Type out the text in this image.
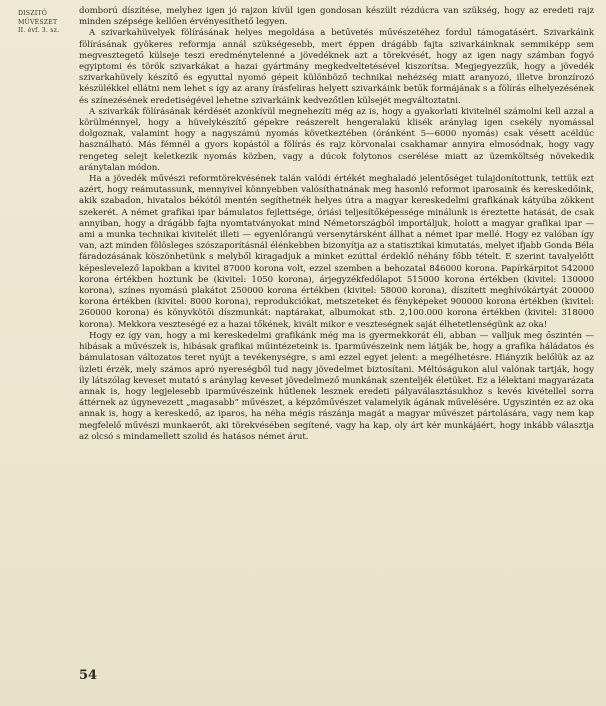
DISZITŐ
MŰVÉSZET
II. évf. 3. sz.

domború díszítése, melyhez igen jó rajzon kívül igen gondosan készült rézdúcra van szükség, hogy az eredeti rajz minden szépsége kellően érvényesíthető legyen.

A szivarkahüvelyek fölírásának helyes megoldása a betűvetés művészetéhez fordul támogatásért. Szivarkáink fölírásának gyökeres reformja annál szükségesebb, mert éppen drágább fajta szivarkáinknak semmiképp sem megvesztegető külseje teszi eredménytelenné a jövedéknek azt a törekvését, hogy az igen nagy számban fogyó egyiptomi és török szivarkákat a hazai gyártmány megkedveltetésével kiszorítsa. Megjegyezzük, hogy a jövedék szivarkahüvely készítő és egyuttal nyomó gépeit különböző technikai nehézség miatt aranyozó, illetve bronzírozó készülékkel ellátni nem lehet s így az arany írásfeliras helyett szivarkáink betűk formájának s a fölírás elhelyezésének és színezésének eredetiségével lehetne szivarkáink kedvezőtlen külsejét megváltoztatni.

A szivarkák fölírásának kérdését azonkívül megnehezíti még az is, hogy a gyakorlati kivitelnél számolni kell azzal a körülménnyel, hogy a hüvelykészítő gépekre reászerelt hengeralakú klisék aránylag igen csekély nyomással dolgoznak, valamint hogy a nagyszámú nyomás következtében (óránként 5—6000 nyomás) csak vésett acéldúc használható. Más fémnél a gyors kopástól a fölírás és rajz körvonalai csakhamar annyira elmosódnak, hogy vagy rengeteg selejt keletkezik nyomás közben, vagy a dúcok folytonos cserélése miatt az üzemköltség növekedik aránytalan módon.

Ha a jövedék művészi reformtörekvésének talán valódi értékét meghaladó jelentőséget tulajdonítottunk, tettük ezt azért, hogy reámutassunk, mennyivel könnyebben valósíthatnának meg hasonló reformot iparosaink és kereskedőink, akik szabadon, hivatalos békótól mentén segíthetnék helyes útra a magyar kereskedelmi grafikának kátyúba zökkent szekerét. A német grafikai ipar bámulatos fejlettsége, óriási teljesítőképessége minálunk is éreztette hatását, de csak annyiban, hogy a drágább fajta nyomtatványokat mind Németországból importáljuk, holott a magyar grafikai ipar — ami a munka technikai kivitelét illeti — egyenlőrangú versenytársként állhat a német ipar mellé. Hogy ez valóban így van, azt minden fölösleges szószaporításnál élénkebben bizonyítja az a statisztikai kimutatás, melyet ifjabb Gonda Béla fáradozásának köszönhetünk s melyből kiragadjuk a minket ezúttal érdeklő néhány főbb tételt. E szerint tavalyelőtt képeslevelező lapokban a kivitel 87000 korona volt, ezzel szemben a behozatal 846000 korona. Papírkárpitot 542000 korona értékben hoztunk be (kivitel: 1050 korona), árjegyzékfedőlapot 515000 korona értékben (kivitel: 130000 korona), színes nyomású plakátot 250000 korona értékben (kivitel: 58000 korona), díszített meghívókártyát 200000 korona értékben (kivitel: 8000 korona), reprodukciókat, metszeteket és fényképeket 900000 korona értékben (kivitel: 260000 korona) és könyvkötői díszmunkát: naptárakat, albumokat stb. 2,100.000 korona értékben (kivitel: 318000 korona). Mekkora veszteségé ez a hazai tőkének, kivált mikor e veszteségnek saját élhetetlenségünk az oka!

Hogy ez így van, hogy a mi kereskedelmi grafikánk még ma is gyermekkorát éli, abban — valljuk meg őszintén — hibásak a művészek is, hibásak grafikai műintézeteink is. Iparművészeink nem látják be, hogy a grafika háládatos és bámulatosan változatos teret nyújt a tevékenységre, s ami ezzel egyet jelent: a megélhetésre. Hiányzik belőlük az az üzleti érzék, mely számos apró nyereségből tud nagy jövedelmet biztosítani. Méltóságukon alul valónak tartják, hogy ily látszólag keveset mutató s aránylag keveset jövedelmező munkának szenteljék életüket. Ez a lélektani magyarázata annak is, hogy legjelesebb iparművészeink hűtlenek lesznek eredeti pályaválasztásukhoz s kevés kivétellel sorra áttérnek az úgynevezett „magasabb” művészet, a képzőművészet valamelyik ágának művelésére. Ugyszintén ez az oka annak is, hogy a kereskedő, az iparos, ha néha mégis rászánja magát a magyar művészet pártolására, vagy nem kap megfelelő művészi munkaerőt, aki törekvésében segítené, vagy ha kap, oly árt kér munkájáért, hogy inkább választja az olcsó s mindamellett szolid és hatásos német árut.

54
